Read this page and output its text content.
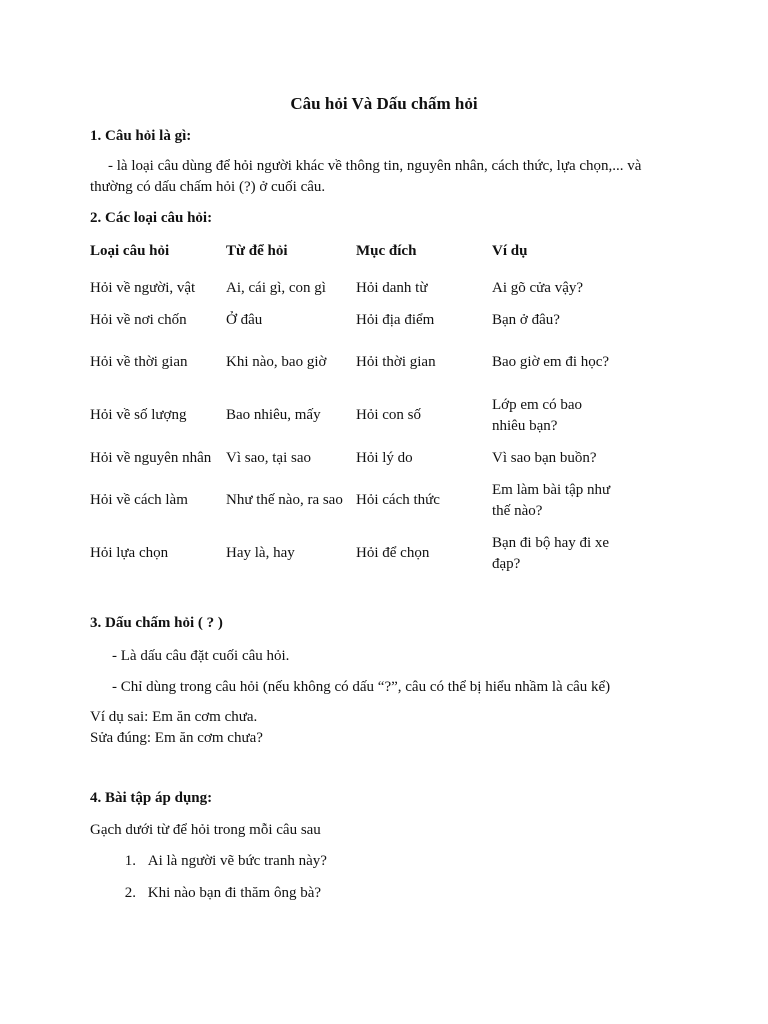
Câu hỏi Và Dấu chấm hỏi
1. Câu hỏi là gì:
- là loại câu dùng để hỏi người khác về thông tin, nguyên nhân, cách thức, lựa chọn,... và
thường có dấu chấm hỏi (?) ở cuối câu.
2. Các loại câu hỏi:
Loại câu hỏi	Từ để hỏi	Mục đích	Ví dụ
Hỏi về người, vật	Ai, cái gì, con gì	Hỏi danh từ	Ai gõ cửa vậy?
Hỏi về nơi chốn	Ở đâu	Hỏi địa điểm	Bạn ở đâu?
Hỏi về thời gian	Khi nào, bao giờ	Hỏi thời gian	Bao giờ em đi học?
Hỏi về số lượng	Bao nhiêu, mấy	Hỏi con số	Lớp em có bao nhiêu bạn?
Hỏi về nguyên nhân	Vì sao, tại sao	Hỏi lý do	Vì sao bạn buồn?
Hỏi về cách làm	Như thế nào, ra sao	Hỏi cách thức	Em làm bài tập như thế nào?
Hỏi lựa chọn	Hay là, hay	Hỏi để chọn	Bạn đi bộ hay đi xe đạp?
3. Dấu chấm hỏi ( ? )
- Là dấu câu đặt cuối câu hỏi.
- Chỉ dùng trong câu hỏi (nếu không có dấu “?”, câu có thể bị hiểu nhầm là câu kể)
Ví dụ sai: Em ăn cơm chưa.
Sửa đúng: Em ăn cơm chưa?
4. Bài tập áp dụng:
Gạch dưới từ để hỏi trong mỗi câu sau
1. Ai là người vẽ bức tranh này?
2. Khi nào bạn đi thăm ông bà?
